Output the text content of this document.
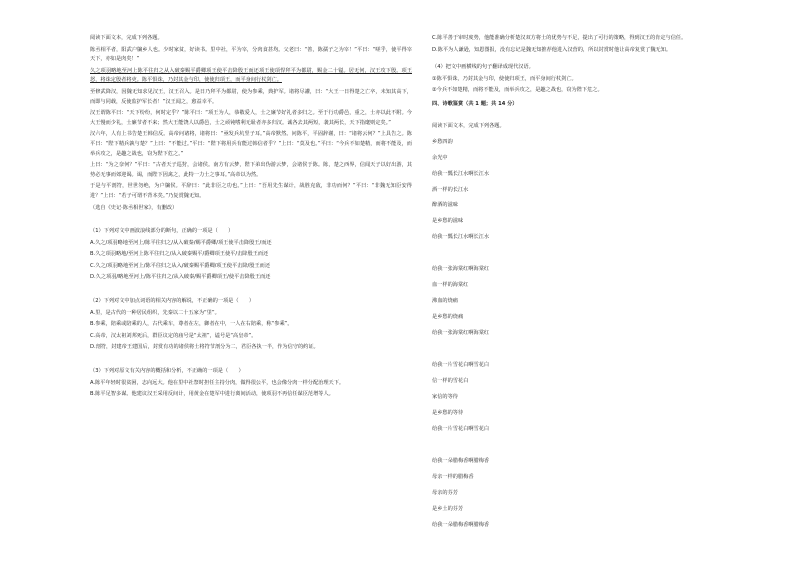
阅读下面文本，完成下列各题。

陈丞相平者，阳武户牖乡人也。少时家贫，好读书。里中社，平为宰，分肉食甚均。父老曰：“善，陈孺子之为宰！”平曰：“嗟乎，使平得宰天下，亦如是肉矣！”

久之项羽略地至河上陈平往归之从入破秦赐平爵卿项王使平击降殷王而还项王使项悍拜平为都尉，赐金二十镒。居无何，汉王攻下殷。项王怒，将诛定殷者将吏。陈平惧诛，乃封其金与印，使使归项王，而平身间行杖剑亡。

至修武降汉，因魏无知求见汉王，汉王召入。是日乃拜平为都尉，使为参乘，典护军。诸将尽讙，曰：“大王一日得楚之亡卒，未知其高下，而即与同载，反使监护军长者！”汉王闻之，愈益幸平。

汉王谓陈平曰：“天下纷纷，何时定乎？”陈平曰：“项王为人，恭敬爱人，士之廉节好礼者多归之。至于行功爵邑，重之，士亦以此不附。今大王慢而少礼，士廉节者不来；然大王能饶人以爵邑，士之顽钝嗜利无耻者亦多归汉。诚各去其两短，袭其两长，天下指麾则定矣。”

汉六年，人有上书告楚王韩信反。高帝问诸将，诸将曰：“亟发兵坑竖子耳。”高帝默然。问陈平，平固辞谢，曰：“诸将云何？”上具告之。陈平曰：“陛下精兵孰与楚？”上曰：“不能过。”平曰：“陛下将用兵有能过韩信者乎？”上曰：“莫及也。”平曰：“今兵不如楚精，而将不能及，而举兵攻之，是趣之战也，窃为陛下危之。”

上曰：“为之奈何？”平曰：“古者天子巡狩，会诸侯。南方有云梦，陛下弟出伪游云梦，会诸侯于陈。陈，楚之西界，信闻天子以好出游，其势必无事而郊迎谒。谒，而陛下因禽之，此特一力士之事耳。”高帝以为然。

于是与平剖符，世世勿绝，为户牖侯。平辞曰：“此非臣之功也。”上曰：“吾用先生谋计，战胜克敌，非功而何？”平曰：“非魏无知臣安得进？”上曰：“若子可谓不背本矣。”乃复赏魏无知。

（选自《史记·陈丞相世家》，有删改）

（1）下列对文中画波浪线部分的断句，正确的一项是（　　）

A.久之/项羽略地至河上/陈平往归之/从入破秦/赐平爵卿/项王使平击降殷王/而还

B.久之项羽略地/至河上陈平往归之/从入破秦赐平/爵卿项王使平/击降殷王而还

C.久之/项羽略地至河上/陈平往归之从入/破秦赐平爵卿/项王使平击降/殷王而还

D.久之项羽/略地至河上/陈平往归之/从入破秦/赐平爵卿项王/使平击降殷王而还

（2）下列对文中加点词语的相关内容的解说，不正确的一项是（　　）

A.里，是古代的一种居民组织，先秦以二十五家为“里”。

B.参乘，陪乘或陪乘的人，古代乘车，尊者在左，御者在中，一人在右陪乘，称“参乘”。

C.高帝，汉太祖刘邦死后，群臣议定的庙号是“太祖”，谥号是“高皇帝”。

D.剖符，封建帝王建国后，封赏有功的诸侯将士将符节剖分为二，君臣各执一半，作为信守的约证。

（3）下列对原文有关内容的概括和分析，不正确的一项是（　　）

A.陈平年轻时很贫困，志向远大。他在里中社祭时担任主持分肉，做得很公平，也会像分肉一样分配治理天下。

B.陈平足智多谋。他建议汉王采用反间计，用黄金在楚军中进行离间活动，使项羽不再信任谋臣范增等人。

C.陈平善于审时度势，他能准确分析楚汉双方将士的优势与不足，提出了可行的策略，得到汉王的肯定与信任。

D.陈平为人谦逊，知恩图报，没有忘记是魏无知推荐他进入汉营的，所以封赏时他让高帝复赏了魏无知。

（4）把文中画横线的句子翻译成现代汉语。

①陈平惧诛，乃封其金与印，使使归项王，而平身间行杖剑亡。

②今兵不如楚精，而将不能及，而举兵攻之，是趣之战也，窃为陛下危之。

四、诗歌鉴赏（共 1 题；共 14 分）

阅读下面文本，完成下列各题。

乡愁四韵

余光中

给我一瓢长江水啊长江水

酒一样的长江水

醉酒的滋味

是乡愁的滋味

给我一瓢长江水啊长江水

给我一张海棠红啊海棠红

血一样的海棠红

沸血的烧痛

是乡愁的烧痛

给我一张海棠红啊海棠红

给我一片雪花白啊雪花白

信一样的雪花白

家信的等待

是乡愁的等待

给我一片雪花白啊雪花白

给我一朵腊梅香啊腊梅香

母亲一样的腊梅香

母亲的芬芳

是乡土的芬芳

给我一朵腊梅香啊腊梅香
